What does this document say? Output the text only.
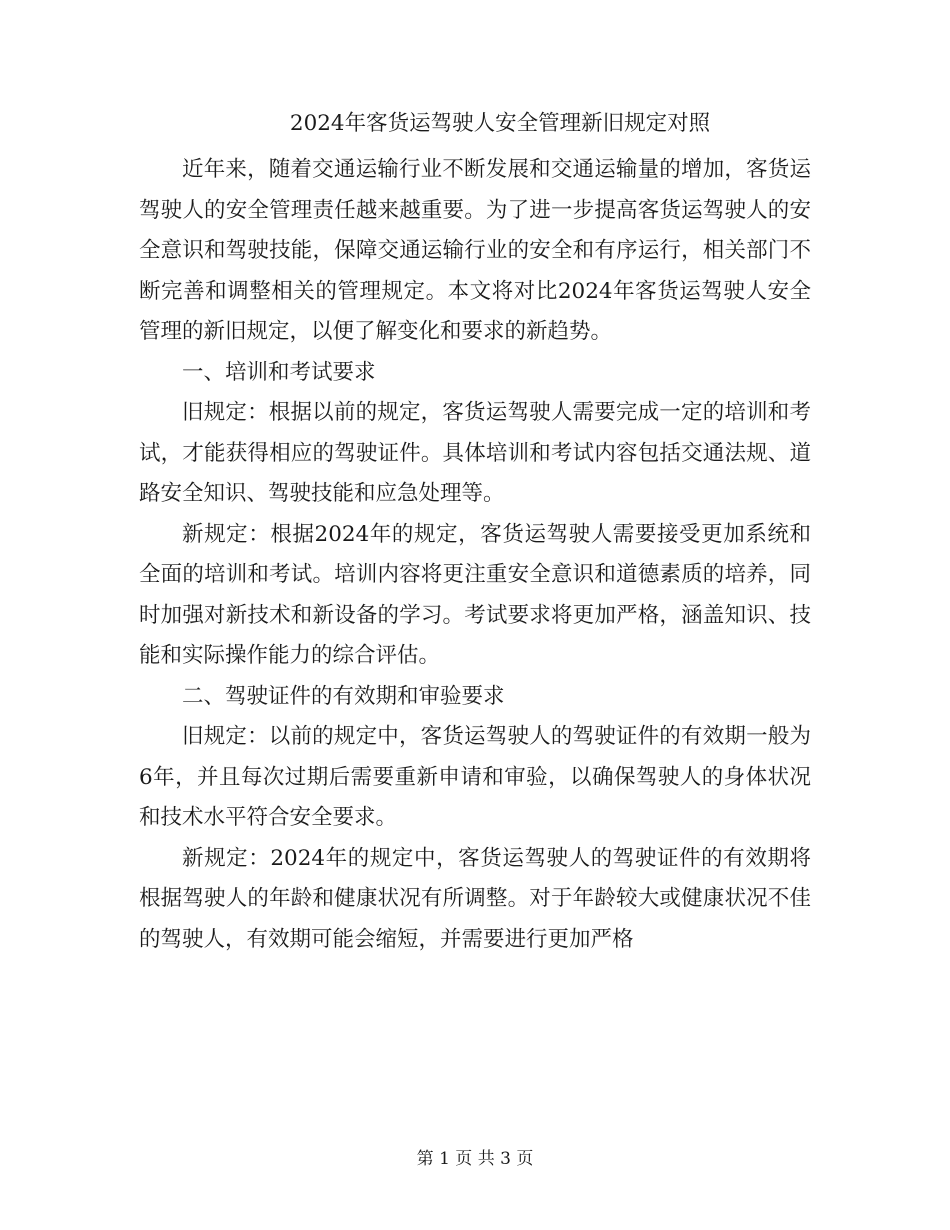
2024年客货运驾驶人安全管理新旧规定对照

近年来，随着交通运输行业不断发展和交通运输量的增加，客货运驾驶人的安全管理责任越来越重要。为了进一步提高客货运驾驶人的安全意识和驾驶技能，保障交通运输行业的安全和有序运行，相关部门不断完善和调整相关的管理规定。本文将对比2024年客货运驾驶人安全管理的新旧规定，以便了解变化和要求的新趋势。

一、培训和考试要求

旧规定：根据以前的规定，客货运驾驶人需要完成一定的培训和考试，才能获得相应的驾驶证件。具体培训和考试内容包括交通法规、道路安全知识、驾驶技能和应急处理等。

新规定：根据2024年的规定，客货运驾驶人需要接受更加系统和全面的培训和考试。培训内容将更注重安全意识和道德素质的培养，同时加强对新技术和新设备的学习。考试要求将更加严格，涵盖知识、技能和实际操作能力的综合评估。

二、驾驶证件的有效期和审验要求

旧规定：以前的规定中，客货运驾驶人的驾驶证件的有效期一般为6年，并且每次过期后需要重新申请和审验，以确保驾驶人的身体状况和技术水平符合安全要求。

新规定：2024年的规定中，客货运驾驶人的驾驶证件的有效期将根据驾驶人的年龄和健康状况有所调整。对于年龄较大或健康状况不佳的驾驶人，有效期可能会缩短，并需要进行更加严格

第 1 页 共 3 页
